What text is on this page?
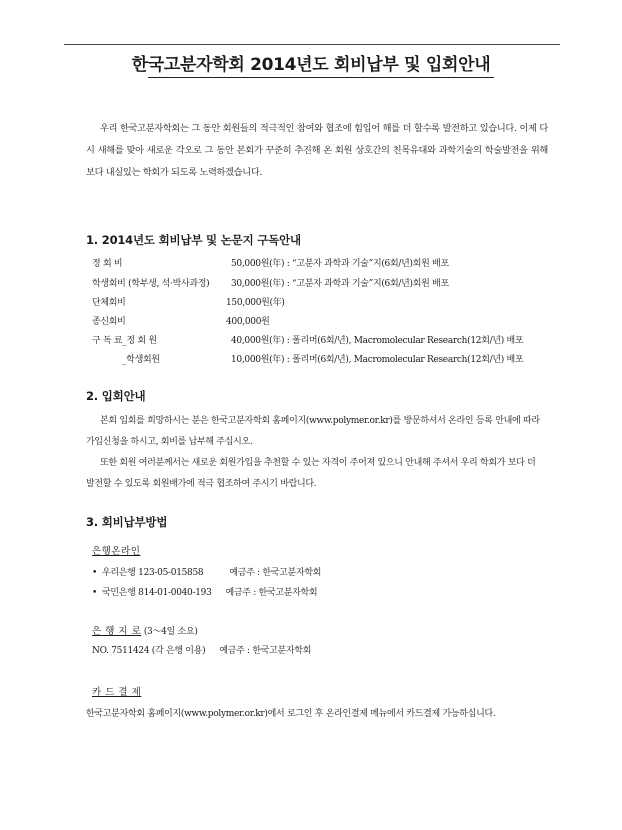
한국고분자학회 2014년도 회비납부 및 입회안내
우리 한국고분자학회는 그 동안 회원들의 적극적인 참여와 협조에 힘입어 해를 더 할수록 발전하고 있습니다. 이제 다시 새해를 맞아 새로운 각오로 그 동안 본회가 꾸준히 추진해 온 회원 상호간의 친목유대와 과학기술의 학술발전을 위해 보다 내실있는 학회가 되도록 노력하겠습니다.
1. 2014년도 회비납부 및 논문지 구독안내
정 회 비	50,000원(年) : “고분자 과학과 기술”지(6회/년)회원 배포
학생회비 (학부생, 석·박사과정) 30,000원(年) : “고분자 과학과 기술”지(6회/년)회원 배포
단체회비	150,000원(年)
종신회비	400,000원
구 독 료_정 회 원	40,000원(年) : 폴리머(6회/년), Macromolecular Research(12회/년) 배포
_학생회원	10,000원(年) : 폴리머(6회/년), Macromolecular Research(12회/년) 배포
2. 입회안내

본회 입회를 희망하시는 분은 한국고분자학회 홈페이지(www.polymer.or.kr)를 방문하셔서 온라인 등록 안내에 따라 가입신청을 하시고, 회비를 납부해 주십시오.

또한 회원 여러분께서는 새로운 회원가입을 추천할 수 있는 자격이 주어져 있으니 안내해 주셔서 우리 학회가 보다 더 발전할 수 있도록 회원배가에 적극 협조하여 주시기 바랍니다.

3. 회비납부방법
은행온라인
• 우리은행 123-05-015858	예금주 : 한국고분자학회
• 국민은행 814-01-0040-193 예금주 : 한국고분자학회
은 행 지 로 (3～4일 소요)
NO. 7511424 (각 은행 이용) 예금주 : 한국고분자학회
카 드 결 제
한국고분자학회 홈페이지(www.polymer.or.kr)에서 로그인 후 온라인결제 메뉴에서 카드결제 가능하십니다.
